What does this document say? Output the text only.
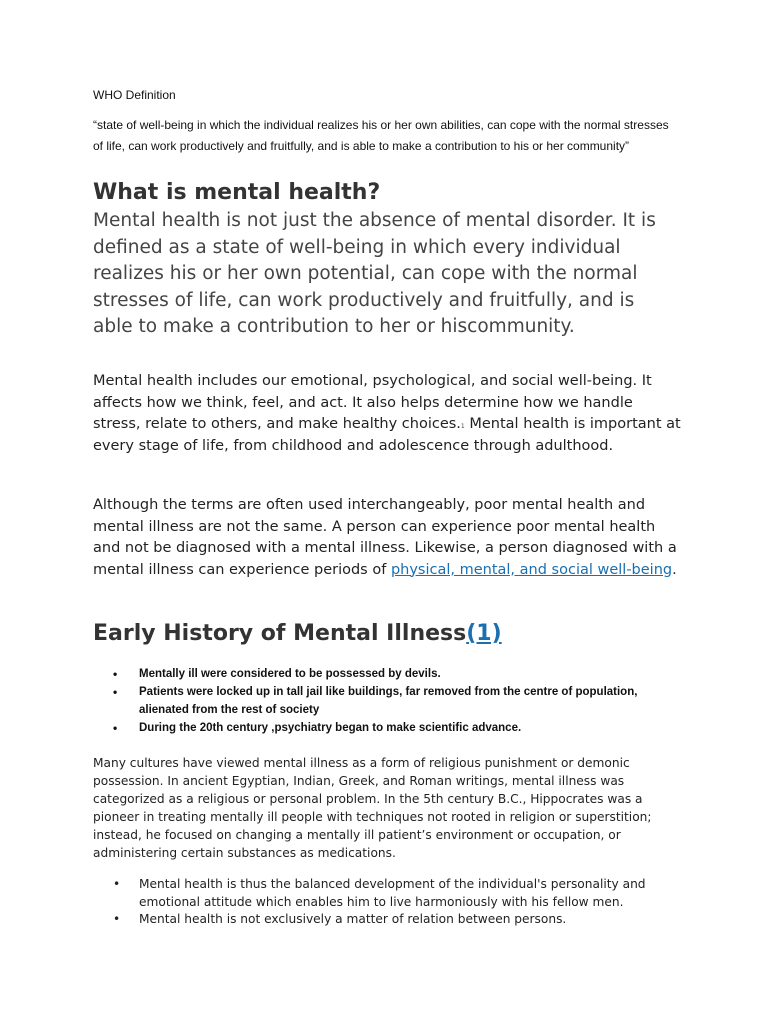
WHO Definition
“state of well-being in which the individual realizes his or her own abilities, can cope with the normal stresses of life, can work productively and fruitfully, and is able to make a contribution to his or her community”
What is mental health?
Mental health is not just the absence of mental disorder. It is defined as a state of well-being in which every individual realizes his or her own potential, can cope with the normal stresses of life, can work productively and fruitfully, and is able to make a contribution to her or hiscommunity.
Mental health includes our emotional, psychological, and social well-being. It affects how we think, feel, and act. It also helps determine how we handle stress, relate to others, and make healthy choices.$^1$ Mental health is important at every stage of life, from childhood and adolescence through adulthood.
Although the terms are often used interchangeably, poor mental health and mental illness are not the same. A person can experience poor mental health and not be diagnosed with a mental illness. Likewise, a person diagnosed with a mental illness can experience periods of physical, mental, and social well-being.
Early History of Mental Illness(1)
• Mentally ill were considered to be possessed by devils.
• Patients were locked up in tall jail like buildings, far removed from the centre of population, alienated from the rest of society
• During the 20th century ,psychiatry began to make scientific advance.
Many cultures have viewed mental illness as a form of religious punishment or demonic possession. In ancient Egyptian, Indian, Greek, and Roman writings, mental illness was categorized as a religious or personal problem. In the 5th century B.C., Hippocrates was a pioneer in treating mentally ill people with techniques not rooted in religion or superstition; instead, he focused on changing a mentally ill patient’s environment or occupation, or administering certain substances as medications.
• Mental health is thus the balanced development of the individual's personality and emotional attitude which enables him to live harmoniously with his fellow men.
• Mental health is not exclusively a matter of relation between persons.
